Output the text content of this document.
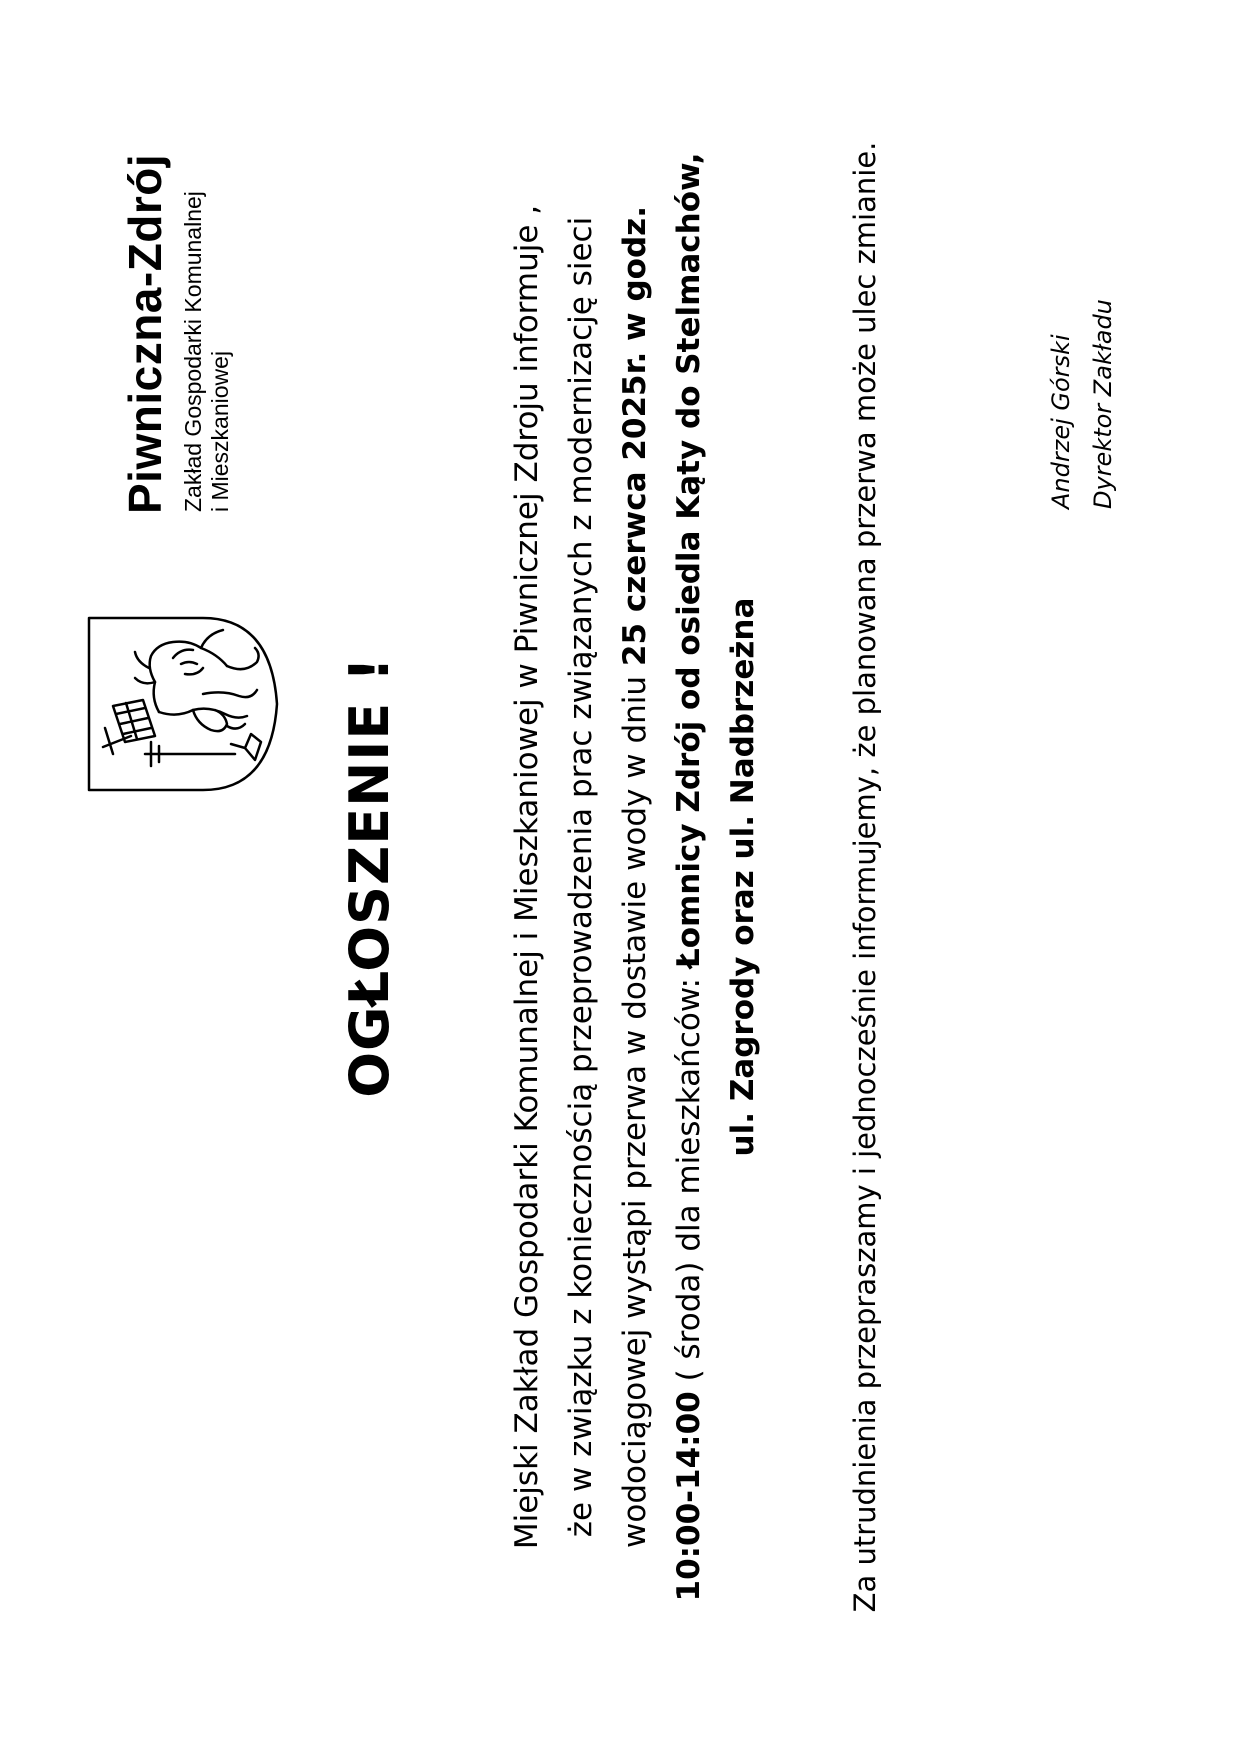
Piwniczna-Zdrój Zakład Gospodarki Komunalnej i Mieszkaniowej
OGŁOSZENIE !	Miejski Zakład Gospodarki Komunalnej i Mieszkaniowej w Piwnicznej Zdroju informuje , że w związku z koniecznością przeprowadzenia prac związanych z modernizację sieci wodociągowej wystąpi przerwa w dostawie wody w dniu 25 czerwca 2025r. w godz.
10:00-14:00 ( środa) dla mieszkańców: Łomnicy Zdrój od osiedla Kąty do Stelmachów, ul. Zagrody oraz ul. Nadbrzeżna	Za utrudnienia przepraszamy i jednocześnie informujemy, że planowana przerwa może ulec zmianie.	Andrzej Górski Dyrektor Zakładu
